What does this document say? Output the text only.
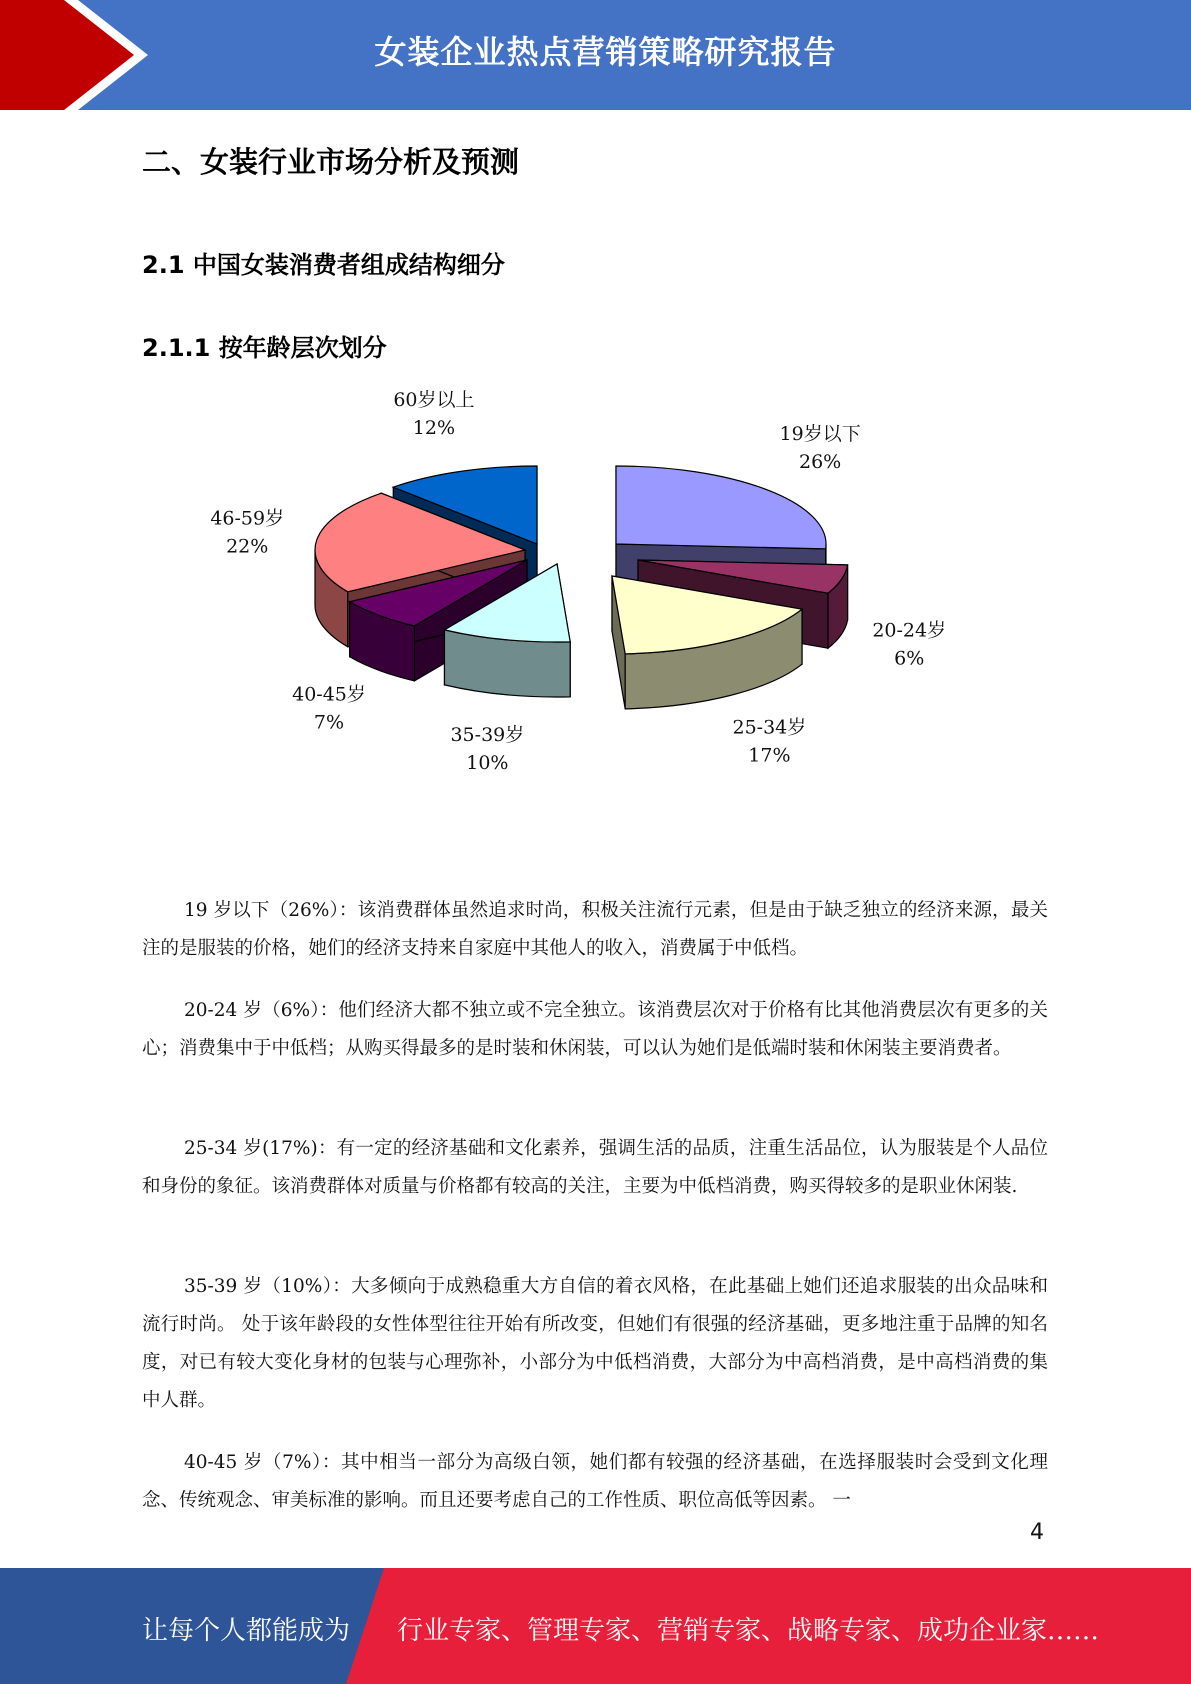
女装企业热点营销策略研究报告
二、女装行业市场分析及预测
2.1 中国女装消费者组成结构细分
2.1.1 按年龄层次划分
19岁以下
26%
20-24岁
6%
25-34岁
17%
35-39岁
10%
40-45岁
7%
46-59岁
22%
60岁以上
12%
19 岁以下（26%）：该消费群体虽然追求时尚，积极关注流行元素，但是由于缺乏独立的经济来源，最关注的是服装的价格，她们的经济支持来自家庭中其他人的收入，消费属于中低档。
20-24 岁（6%）：他们经济大都不独立或不完全独立。该消费层次对于价格有比其他消费层次有更多的关心；消费集中于中低档；从购买得最多的是时装和休闲装，可以认为她们是低端时装和休闲装主要消费者。
25-34 岁(17%)：有一定的经济基础和文化素养，强调生活的品质，注重生活品位，认为服装是个人品位和身份的象征。该消费群体对质量与价格都有较高的关注，主要为中低档消费，购买得较多的是职业休闲装.
35-39 岁（10%）：大多倾向于成熟稳重大方自信的着衣风格，在此基础上她们还追求服装的出众品味和流行时尚。 处于该年龄段的女性体型往往开始有所改变，但她们有很强的经济基础，更多地注重于品牌的知名度，对已有较大变化身材的包装与心理弥补，小部分为中低档消费，大部分为中高档消费，是中高档消费的集中人群。
40-45 岁（7%）：其中相当一部分为高级白领，她们都有较强的经济基础，在选择服装时会受到文化理念、传统观念、审美标准的影响。而且还要考虑自己的工作性质、职位高低等因素。 一
4
让每个人都能成为 行业专家、管理专家、营销专家、战略专家、成功企业家……
